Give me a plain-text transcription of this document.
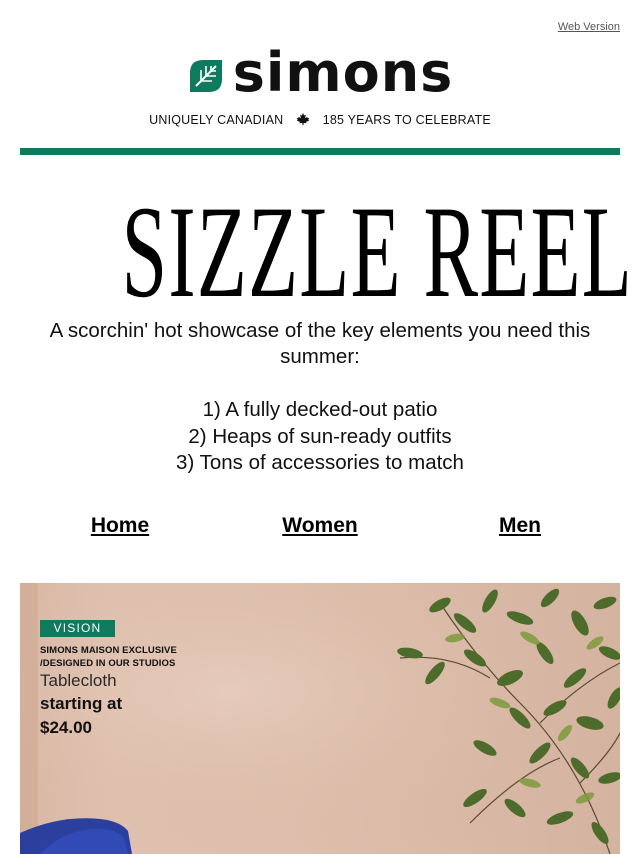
Web Version
simons
UNIQUELY CANADIAN	185 YEARS TO CELEBRATE
SIZZLE REEL
A scorchin' hot showcase of the key elements you need this summer:
1) A fully decked-out patio
2) Heaps of sun-ready outfits
3) Tons of accessories to match
Home	Women	Men
VISION
SIMONS MAISON EXCLUSIVE
/DESIGNED IN OUR STUDIOS
Tablecloth
starting at
$24.00
